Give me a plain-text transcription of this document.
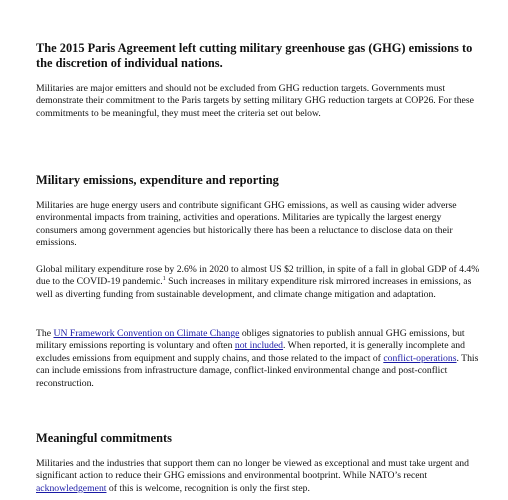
The 2015 Paris Agreement left cutting military greenhouse gas (GHG) emissions to the discretion of individual nations.

Militaries are major emitters and should not be excluded from GHG reduction targets. Governments must demonstrate their commitment to the Paris targets by setting military GHG reduction targets at COP26. For these commitments to be meaningful, they must meet the criteria set out below.

Military emissions, expenditure and reporting

Militaries are huge energy users and contribute significant GHG emissions, as well as causing wider adverse environmental impacts from training, activities and operations. Militaries are typically the largest energy consumers among government agencies but historically there has been a reluctance to disclose data on their emissions.

Global military expenditure rose by 2.6% in 2020 to almost US $2 trillion, in spite of a fall in global GDP of 4.4% due to the COVID-19 pandemic.$^1$ Such increases in military expenditure risk mirrored increases in emissions, as well as diverting funding from sustainable development, and climate change mitigation and adaptation.

The UN Framework Convention on Climate Change obliges signatories to publish annual GHG emissions, but military emissions reporting is voluntary and often not included. When reported, it is generally incomplete and excludes emissions from equipment and supply chains, and those related to the impact of conflict-operations. This can include emissions from infrastructure damage, conflict-linked environmental change and post-conflict reconstruction.

Meaningful commitments

Militaries and the industries that support them can no longer be viewed as exceptional and must take urgent and significant action to reduce their GHG emissions and environmental bootprint. While NATO’s recent acknowledgement of this is welcome, recognition is only the first step.
